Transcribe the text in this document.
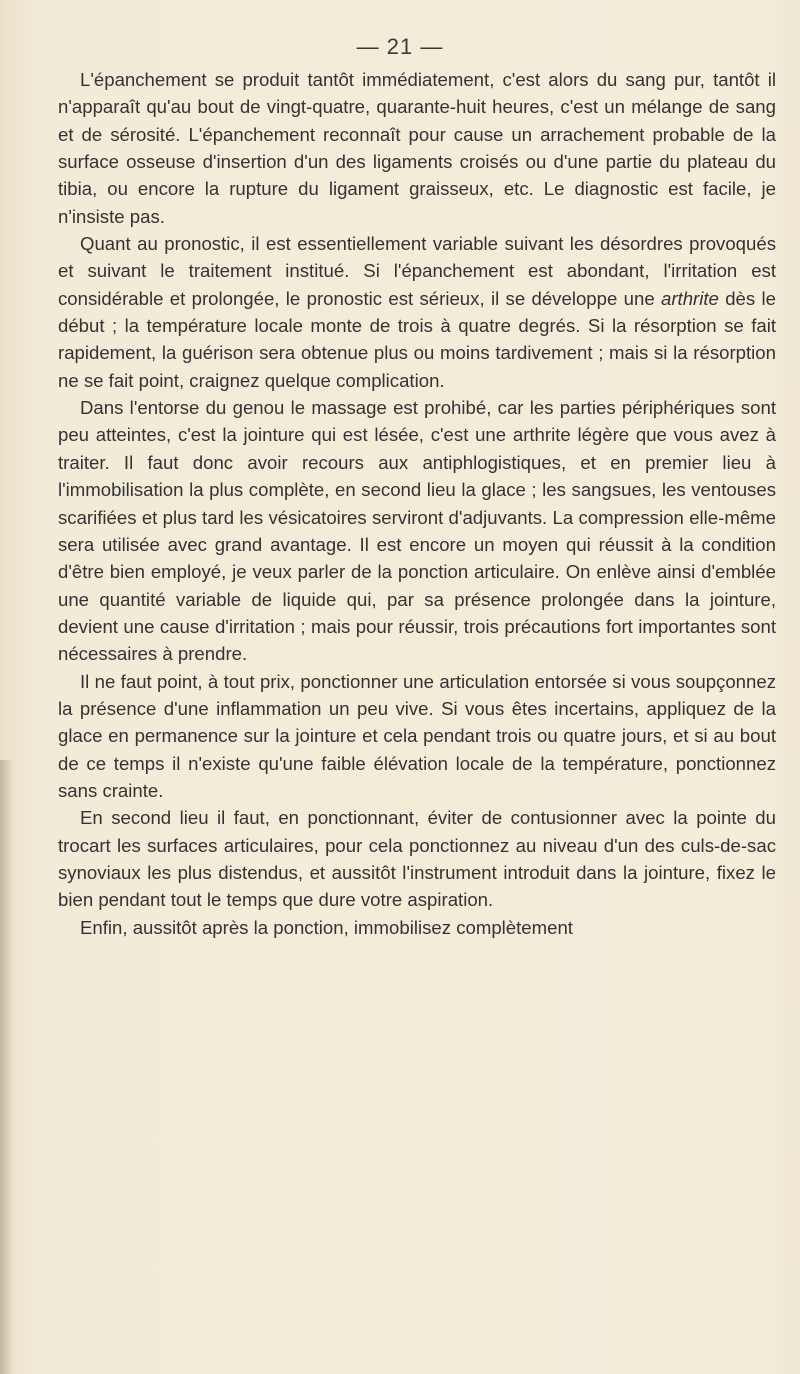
— 21 —

L'épanchement se produit tantôt immédiatement, c'est alors du sang pur, tantôt il n'apparaît qu'au bout de vingt-quatre, quarante-huit heures, c'est un mélange de sang et de sérosité. L'épanchement reconnaît pour cause un arrachement probable de la surface osseuse d'insertion d'un des ligaments croisés ou d'une partie du plateau du tibia, ou encore la rupture du ligament graisseux, etc. Le diagnostic est facile, je n'insiste pas.

Quant au pronostic, il est essentiellement variable suivant les désordres provoqués et suivant le traitement institué. Si l'épanchement est abondant, l'irritation est considérable et prolongée, le pronostic est sérieux, il se développe une arthrite dès le début ; la température locale monte de trois à quatre degrés. Si la résorption se fait rapidement, la guérison sera obtenue plus ou moins tardivement ; mais si la résorption ne se fait point, craignez quelque complication.

Dans l'entorse du genou le massage est prohibé, car les parties périphériques sont peu atteintes, c'est la jointure qui est lésée, c'est une arthrite légère que vous avez à traiter. Il faut donc avoir recours aux antiphlogistiques, et en premier lieu à l'immobilisation la plus complète, en second lieu la glace ; les sangsues, les ventouses scarifiées et plus tard les vésicatoires serviront d'adjuvants. La compression elle-même sera utilisée avec grand avantage. Il est encore un moyen qui réussit à la condition d'être bien employé, je veux parler de la ponction articulaire. On enlève ainsi d'emblée une quantité variable de liquide qui, par sa présence prolongée dans la jointure, devient une cause d'irritation ; mais pour réussir, trois précautions fort importantes sont nécessaires à prendre.

Il ne faut point, à tout prix, ponctionner une articulation entorsée si vous soupçonnez la présence d'une inflammation un peu vive. Si vous êtes incertains, appliquez de la glace en permanence sur la jointure et cela pendant trois ou quatre jours, et si au bout de ce temps il n'existe qu'une faible élévation locale de la température, ponctionnez sans crainte.

En second lieu il faut, en ponctionnant, éviter de contusionner avec la pointe du trocart les surfaces articulaires, pour cela ponctionnez au niveau d'un des culs-de-sac synoviaux les plus distendus, et aussitôt l'instrument introduit dans la jointure, fixez le bien pendant tout le temps que dure votre aspiration.

Enfin, aussitôt après la ponction, immobilisez complètement
